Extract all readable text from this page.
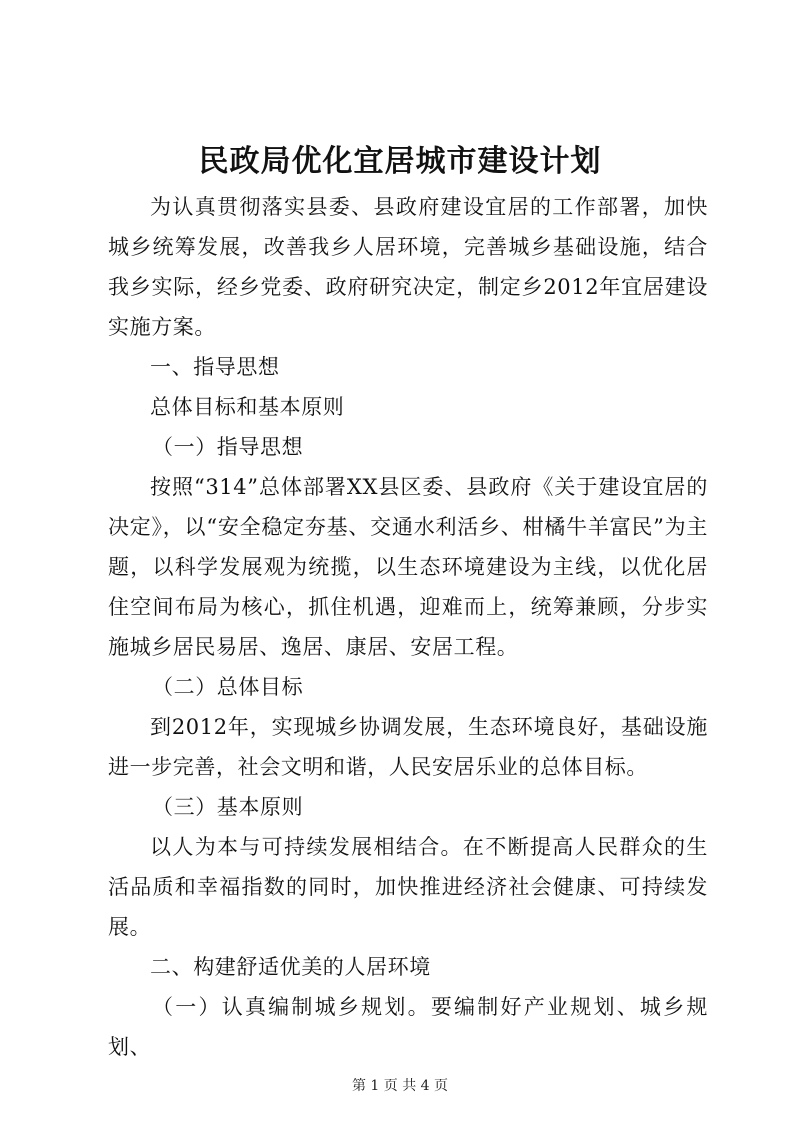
民政局优化宜居城市建设计划

为认真贯彻落实县委、县政府建设宜居的工作部署，加快城乡统筹发展，改善我乡人居环境，完善城乡基础设施，结合我乡实际，经乡党委、政府研究决定，制定乡2012年宜居建设实施方案。

一、指导思想

总体目标和基本原则

（一）指导思想

按照“314”总体部署XX县区委、县政府《关于建设宜居的决定》，以“安全稳定夯基、交通水利活乡、柑橘牛羊富民”为主题，以科学发展观为统揽，以生态环境建设为主线，以优化居住空间布局为核心，抓住机遇，迎难而上，统筹兼顾，分步实施城乡居民易居、逸居、康居、安居工程。

（二）总体目标

到2012年，实现城乡协调发展，生态环境良好，基础设施进一步完善，社会文明和谐，人民安居乐业的总体目标。

（三）基本原则

以人为本与可持续发展相结合。在不断提高人民群众的生活品质和幸福指数的同时，加快推进经济社会健康、可持续发展。

二、构建舒适优美的人居环境

（一）认真编制城乡规划。要编制好产业规划、城乡规划、

第 1 页 共 4 页
